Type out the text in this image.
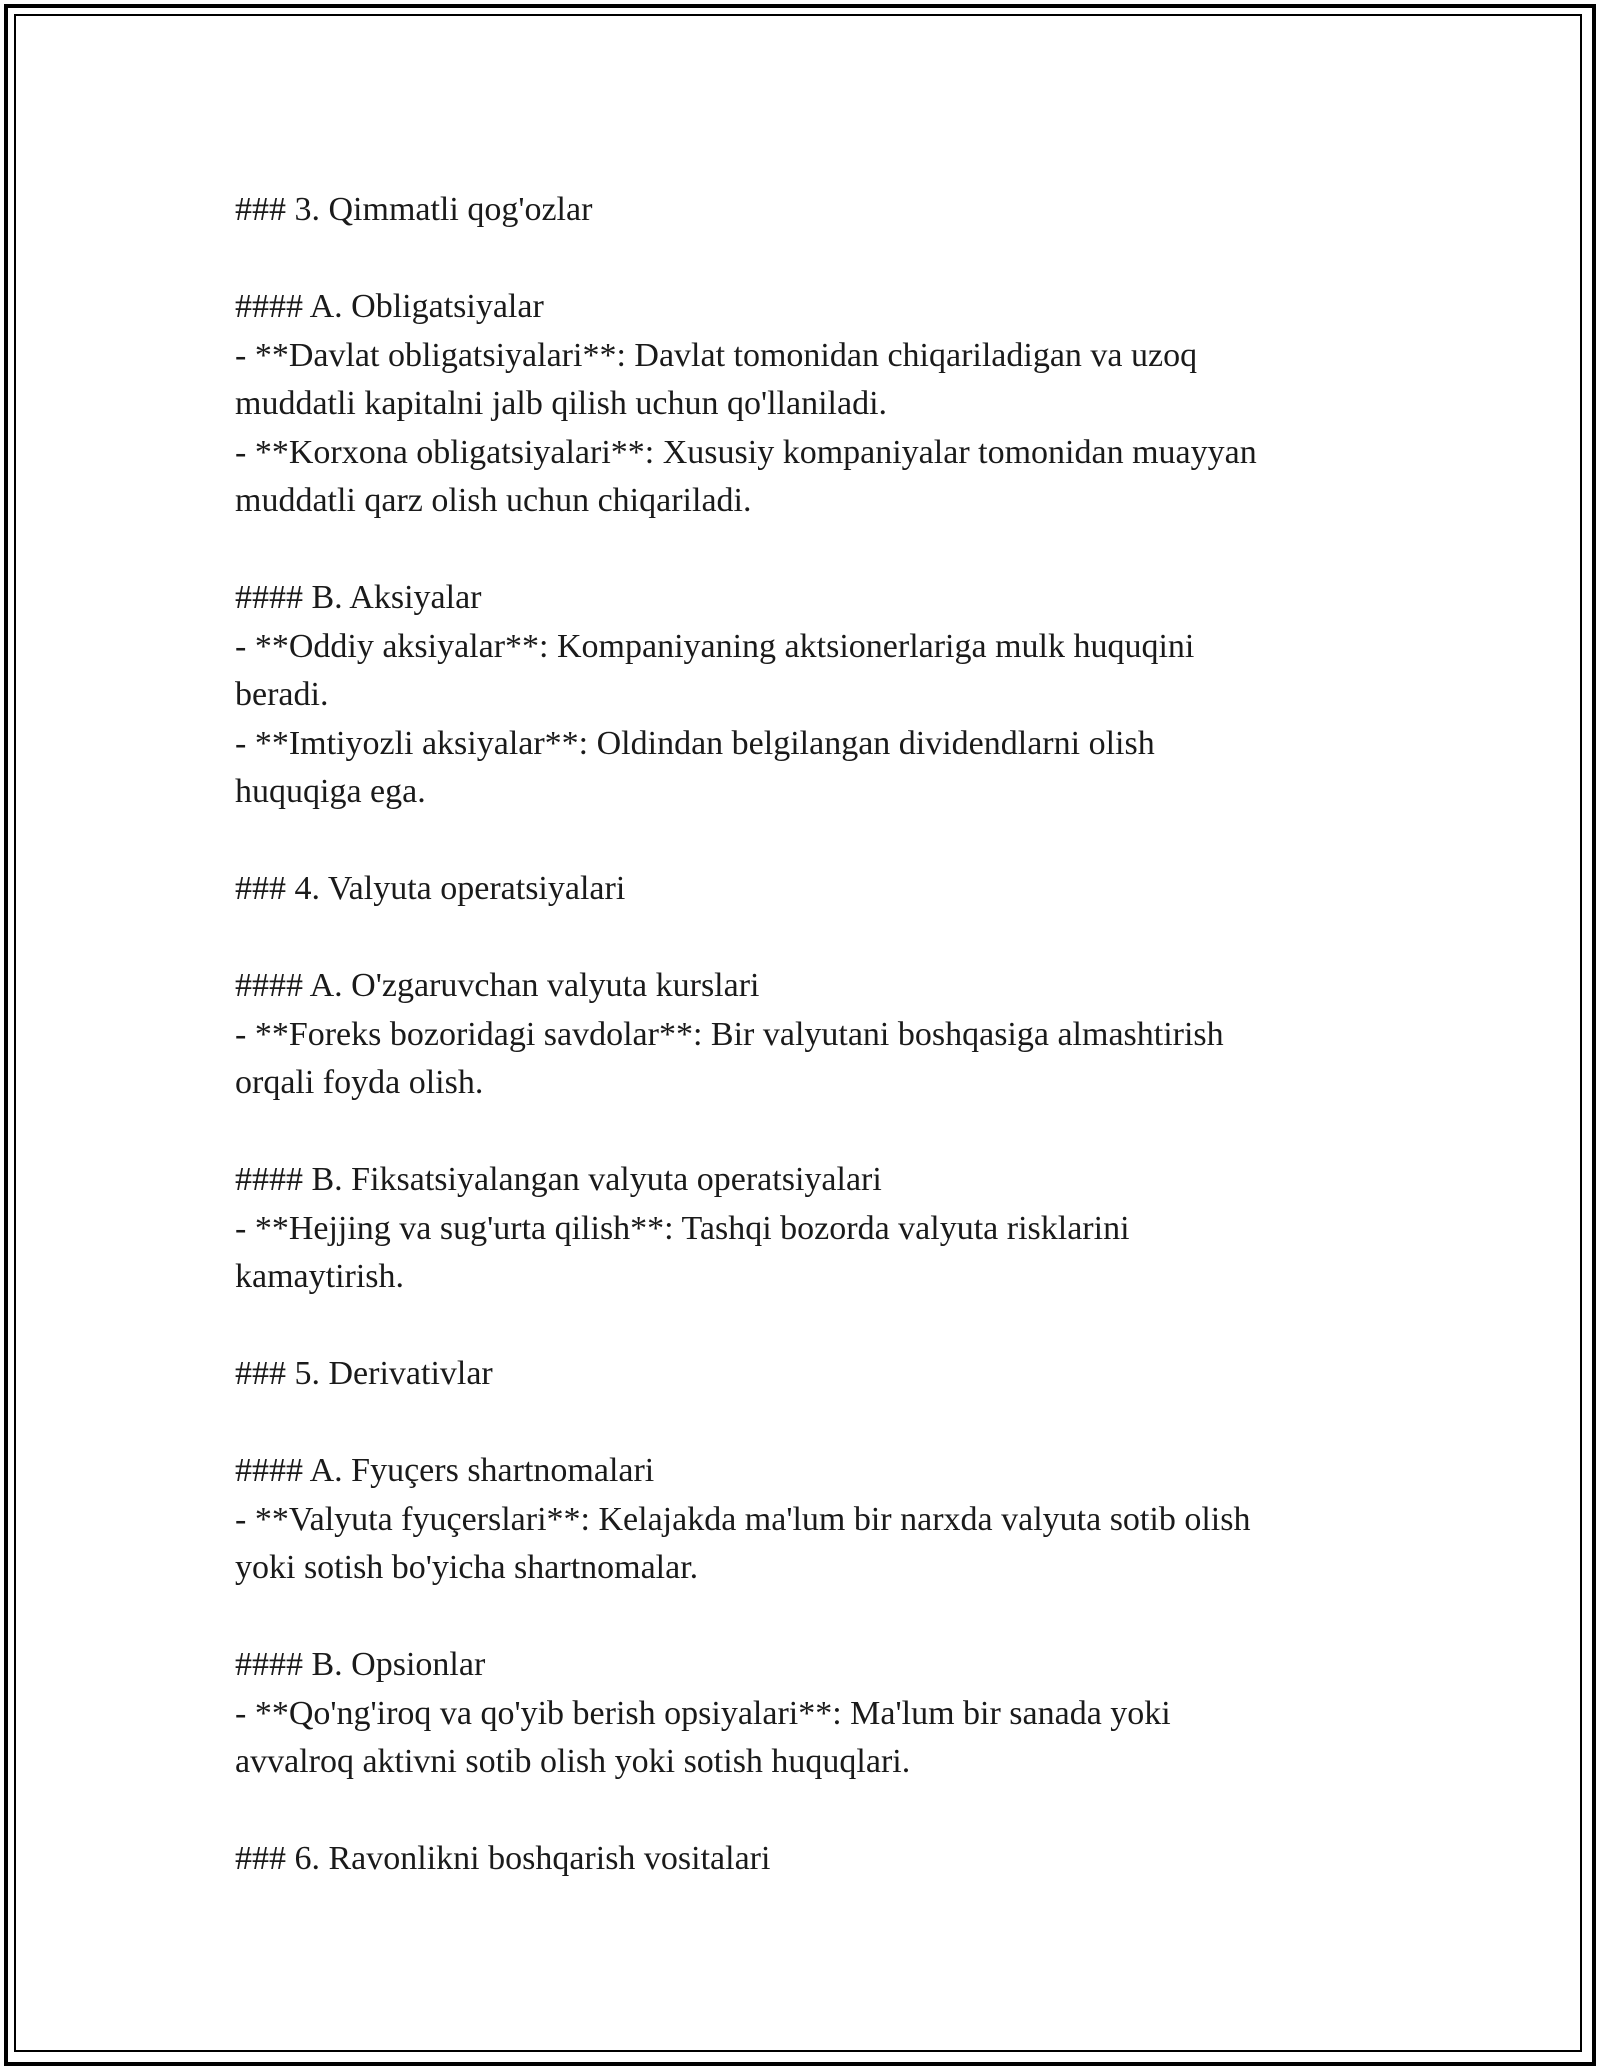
### 3. Qimmatli qog'ozlar
#### A. Obligatsiyalar
- **Davlat obligatsiyalari**: Davlat tomonidan chiqariladigan va uzoq
muddatli kapitalni jalb qilish uchun qo'llaniladi.
- **Korxona obligatsiyalari**: Xususiy kompaniyalar tomonidan muayyan
muddatli qarz olish uchun chiqariladi.
#### B. Aksiyalar
- **Oddiy aksiyalar**: Kompaniyaning aktsionerlariga mulk huquqini
beradi.
- **Imtiyozli aksiyalar**: Oldindan belgilangan dividendlarni olish
huquqiga ega.
### 4. Valyuta operatsiyalari
#### A. O'zgaruvchan valyuta kurslari
- **Foreks bozoridagi savdolar**: Bir valyutani boshqasiga almashtirish
orqali foyda olish.
#### B. Fiksatsiyalangan valyuta operatsiyalari
- **Hejjing va sug'urta qilish**: Tashqi bozorda valyuta risklarini
kamaytirish.
### 5. Derivativlar
#### A. Fyuçers shartnomalari
- **Valyuta fyuçerslari**: Kelajakda ma'lum bir narxda valyuta sotib olish
yoki sotish bo'yicha shartnomalar.
#### B. Opsionlar
- **Qo'ng'iroq va qo'yib berish opsiyalari**: Ma'lum bir sanada yoki
avvalroq aktivni sotib olish yoki sotish huquqlari.
### 6. Ravonlikni boshqarish vositalari
